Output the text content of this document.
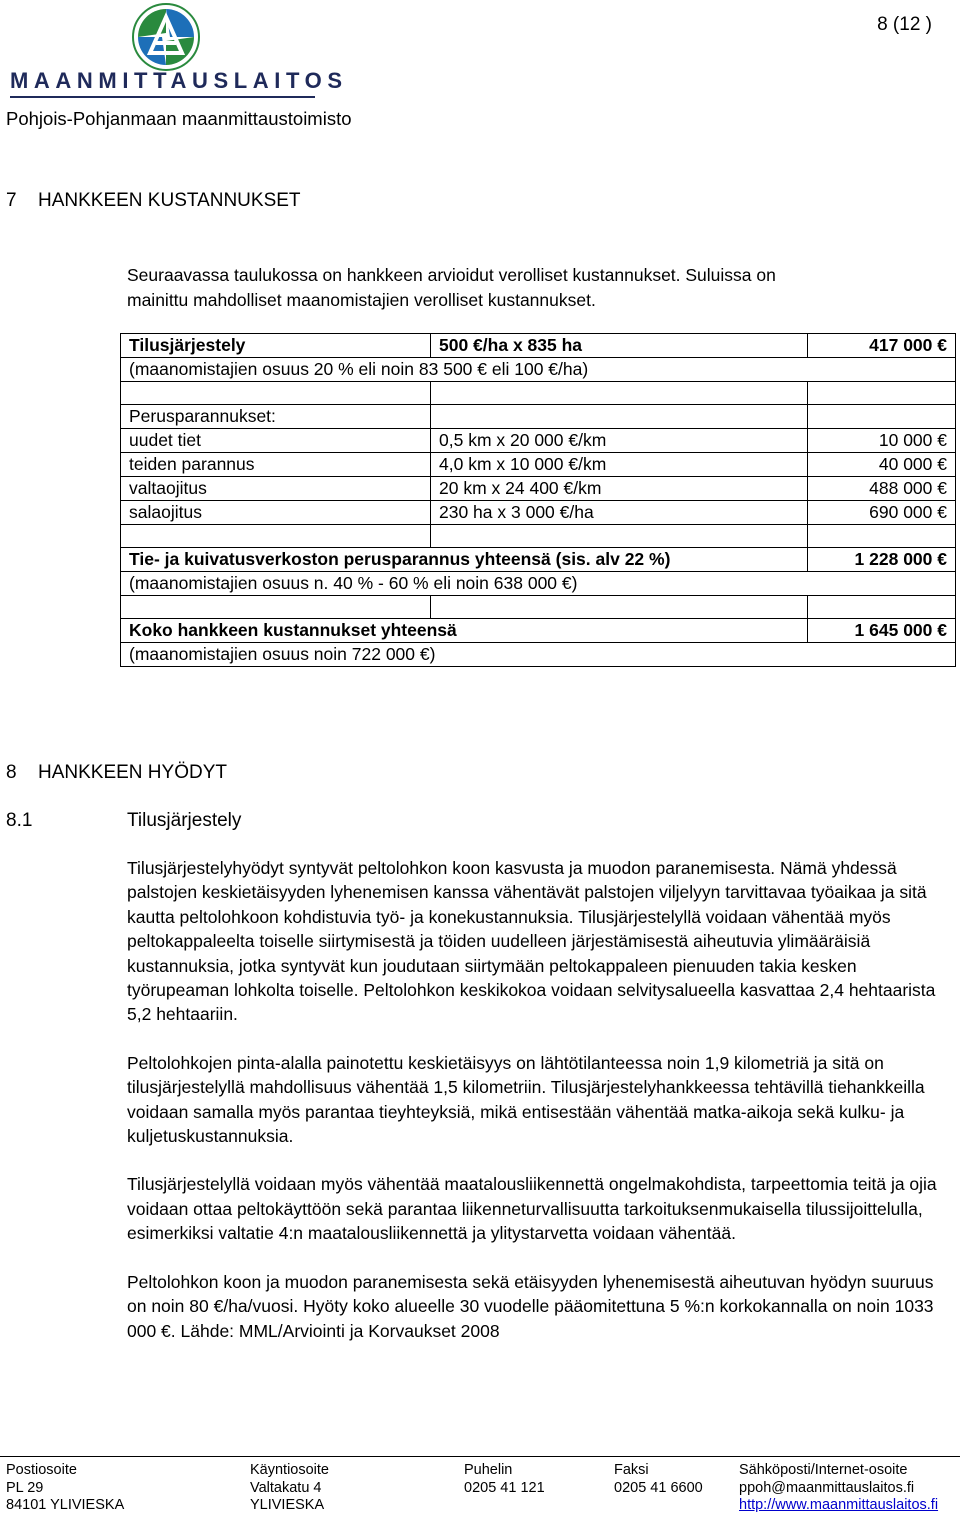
MAANMITTAUSLAITOS
Pohjois-Pohjanmaan maanmittaustoimisto
8 (12 )
7 HANKKEEN KUSTANNUKSET

Seuraavassa taulukossa on hankkeen arvioidut verolliset kustannukset. Suluissa on

mainittu mahdolliset maanomistajien verolliset kustannukset.

Tilusjärjestely	500 €/ha x 835 ha	417 000 €
(maanomistajien osuus 20 % eli noin 83 500 € eli 100 €/ha)		

Perusparannukset:		
uudet tiet	0,5 km x 20 000 €/km	10 000 €
teiden parannus	4,0 km x 10 000 €/km	40 000 €
valtaojitus	20 km x 24 400 €/km	488 000 €
salaojitus	230 ha x 3 000 €/ha	690 000 €

Tie- ja kuivatusverkoston perusparannus yhteensä (sis. alv 22 %)		1 228 000 €
(maanomistajien osuus n. 40 % - 60 % eli noin 638 000 €)		

Koko hankkeen kustannukset yhteensä		1 645 000 €
(maanomistajien osuus noin 722 000 €)		
8 HANKKEEN HYÖDYT
8.1	Tilusjärjestely

Tilusjärjestelyhyödyt syntyvät peltolohkon koon kasvusta ja muodon paranemisesta. Nämä yhdessä palstojen keskietäisyyden lyhenemisen kanssa vähentävät palstojen viljelyyn tarvittavaa työaikaa ja sitä kautta peltolohkoon kohdistuvia työ- ja konekustannuksia. Tilusjärjestelyllä voidaan vähentää myös peltokappaleelta toiselle siirtymisestä ja töiden uudelleen järjestämisestä aiheutuvia ylimääräisiä kustannuksia, jotka syntyvät kun joudutaan siirtymään peltokappaleen pienuuden takia kesken työrupeaman lohkolta toiselle. Peltolohkon keskikokoa voidaan selvitysalueella kasvattaa 2,4 hehtaarista 5,2 hehtaariin.

Peltolohkojen pinta-alalla painotettu keskietäisyys on lähtötilanteessa noin 1,9 kilometriä ja sitä on tilusjärjestelyllä mahdollisuus vähentää 1,5 kilometriin. Tilusjärjestelyhankkeessa tehtävillä tiehankkeilla voidaan samalla myös parantaa tieyhteyksiä, mikä entisestään vähentää matka-aikoja sekä kulku- ja kuljetuskustannuksia.

Tilusjärjestelyllä voidaan myös vähentää maatalousliikennettä ongelmakohdista, tarpeettomia teitä ja ojia voidaan ottaa peltokäyttöön sekä parantaa liikenneturvallisuutta tarkoituksenmukaisella tilussijoittelulla, esimerkiksi valtatie 4:n maatalousliikennettä ja ylitystarvetta voidaan vähentää.

Peltolohkon koon ja muodon paranemisesta sekä etäisyyden lyhenemisestä aiheutuvan hyödyn suuruus on noin 80 €/ha/vuosi. Hyöty koko alueelle 30 vuodelle pääomitettuna 5 %:n korkokannalla on noin 1033 000 €. Lähde: MML/Arviointi ja Korvaukset 2008

Postiosoite
PL 29
84101 YLIVIESKA
Käyntiosoite
Valtakatu 4
YLIVIESKA
Puhelin
0205 41 121
Faksi
0205 41 6600
Sähköposti/Internet-osoite
ppoh@maanmittauslaitos.fi
http://www.maanmittauslaitos.fi
